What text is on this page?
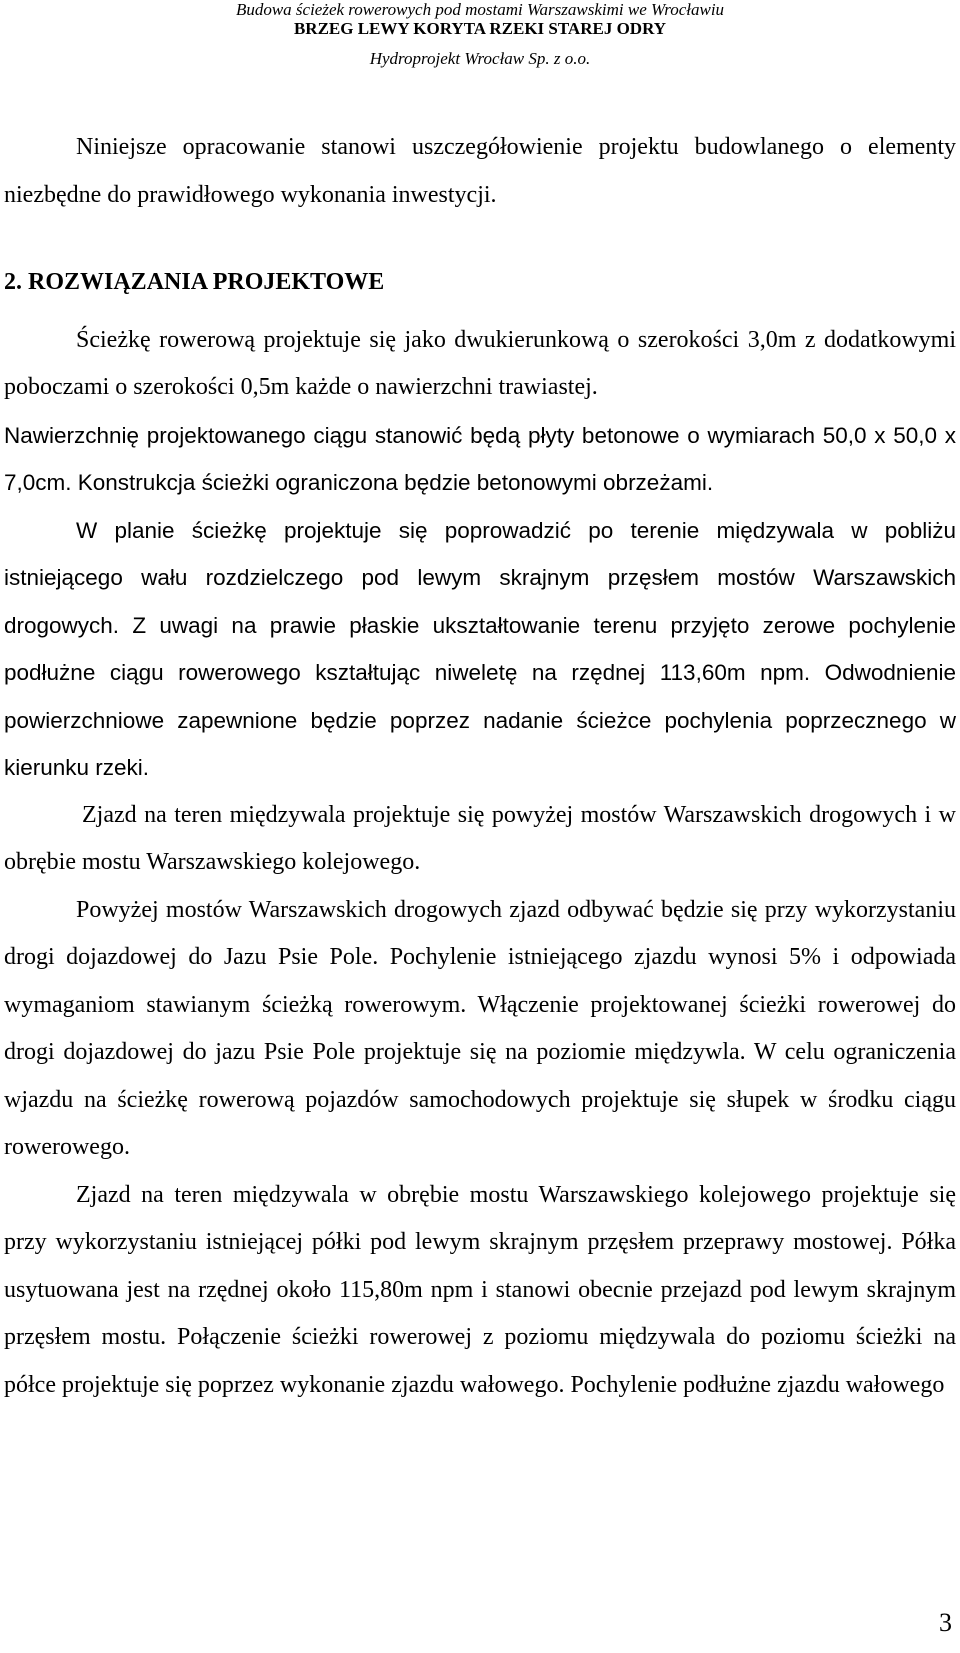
Budowa ścieżek rowerowych pod mostami Warszawskimi we Wrocławiu
BRZEG LEWY KORYTA RZEKI STAREJ ODRY
Hydroprojekt Wrocław Sp. z o.o.

Niniejsze opracowanie stanowi uszczegółowienie projektu budowlanego o elementy niezbędne do prawidłowego wykonania inwestycji.

2. ROZWIĄZANIA PROJEKTOWE

Ścieżkę rowerową projektuje się jako dwukierunkową o szerokości 3,0m z dodatkowymi poboczami o szerokości 0,5m każde o nawierzchni trawiastej.

Nawierzchnię projektowanego ciągu stanowić będą płyty betonowe o wymiarach 50,0 x 50,0 x 7,0cm. Konstrukcja ścieżki ograniczona będzie betonowymi obrzeżami.

W planie ścieżkę projektuje się poprowadzić po terenie międzywala w pobliżu istniejącego wału rozdzielczego pod lewym skrajnym przęsłem mostów Warszawskich drogowych. Z uwagi na prawie płaskie ukształtowanie terenu przyjęto zerowe pochylenie podłużne ciągu rowerowego kształtując niweletę na rzędnej 113,60m npm. Odwodnienie powierzchniowe zapewnione będzie poprzez nadanie ścieżce pochylenia poprzecznego w kierunku rzeki.

Zjazd na teren międzywala projektuje się powyżej mostów Warszawskich drogowych i w obrębie mostu Warszawskiego kolejowego.

Powyżej mostów Warszawskich drogowych zjazd odbywać będzie się przy wykorzystaniu drogi dojazdowej do Jazu Psie Pole. Pochylenie istniejącego zjazdu wynosi 5% i odpowiada wymaganiom stawianym ścieżką rowerowym. Włączenie projektowanej ścieżki rowerowej do drogi dojazdowej do jazu Psie Pole projektuje się na poziomie międzywla. W celu ograniczenia wjazdu na ścieżkę rowerową pojazdów samochodowych projektuje się słupek w środku ciągu rowerowego.

Zjazd na teren międzywala w obrębie mostu Warszawskiego kolejowego projektuje się przy wykorzystaniu istniejącej półki pod lewym skrajnym przęsłem przeprawy mostowej. Półka usytuowana jest na rzędnej około 115,80m npm i stanowi obecnie przejazd pod lewym skrajnym przęsłem mostu. Połączenie ścieżki rowerowej z poziomu międzywala do poziomu ścieżki na półce projektuje się poprzez wykonanie zjazdu wałowego. Pochylenie podłużne zjazdu wałowego

3
